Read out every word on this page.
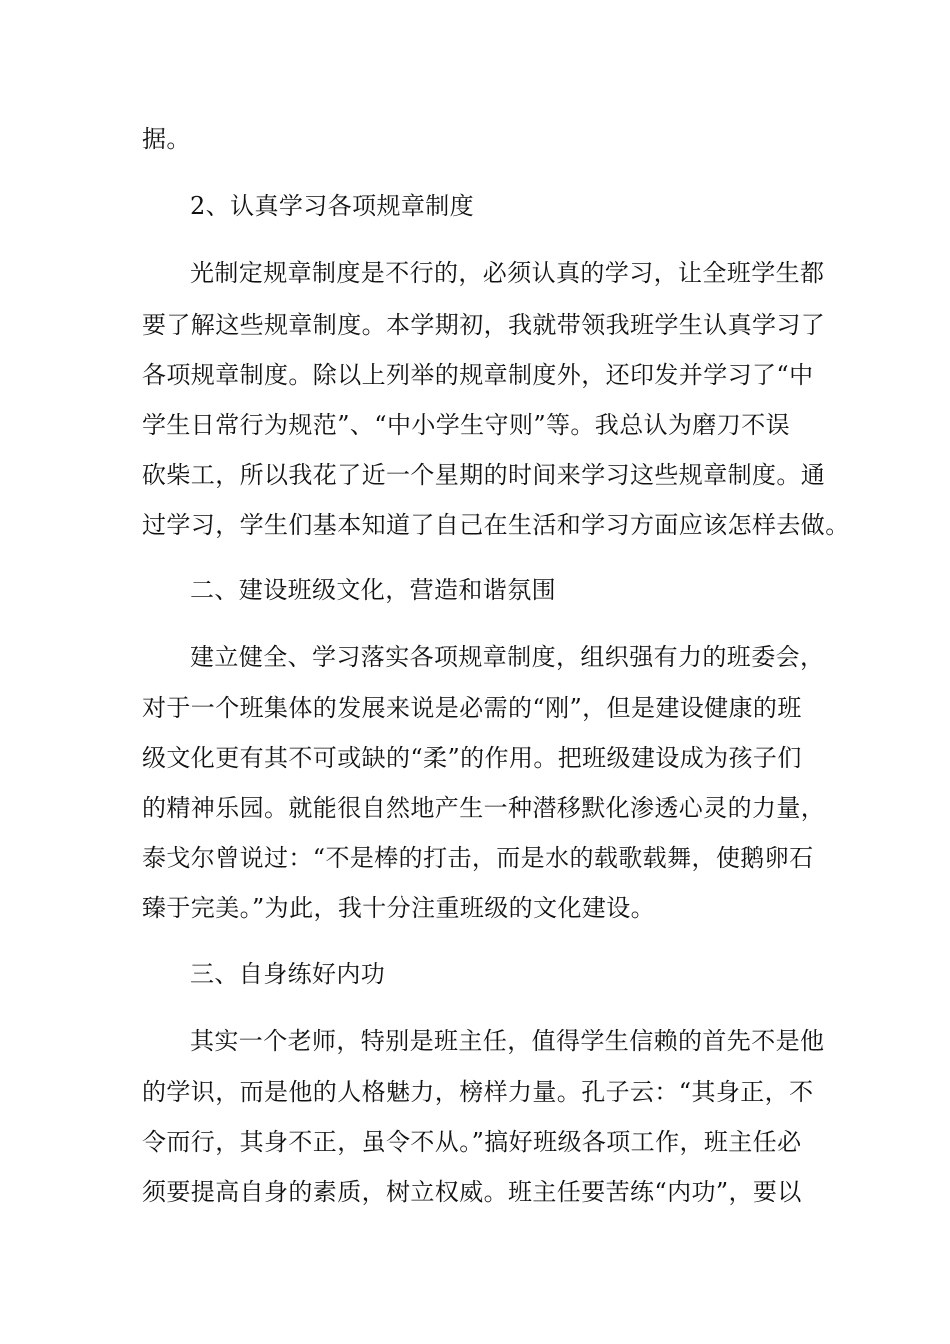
据。
2、认真学习各项规章制度
光制定规章制度是不行的，必须认真的学习，让全班学生都
要了解这些规章制度。本学期初，我就带领我班学生认真学习了
各项规章制度。除以上列举的规章制度外，还印发并学习了“中
学生日常行为规范”、“中小学生守则”等。我总认为磨刀不误
砍柴工，所以我花了近一个星期的时间来学习这些规章制度。通
过学习，学生们基本知道了自己在生活和学习方面应该怎样去做。
二、建设班级文化，营造和谐氛围
建立健全、学习落实各项规章制度，组织强有力的班委会，
对于一个班集体的发展来说是必需的“刚”，但是建设健康的班
级文化更有其不可或缺的“柔”的作用。把班级建设成为孩子们
的精神乐园。就能很自然地产生一种潜移默化渗透心灵的力量，
泰戈尔曾说过：“不是棒的打击，而是水的载歌载舞，使鹅卵石
臻于完美。”为此，我十分注重班级的文化建设。
三、自身练好内功
其实一个老师，特别是班主任，值得学生信赖的首先不是他
的学识，而是他的人格魅力，榜样力量。孔子云：“其身正，不
令而行，其身不正，虽令不从。”搞好班级各项工作，班主任必
须要提高自身的素质，树立权威。班主任要苦练“内功”，要以
